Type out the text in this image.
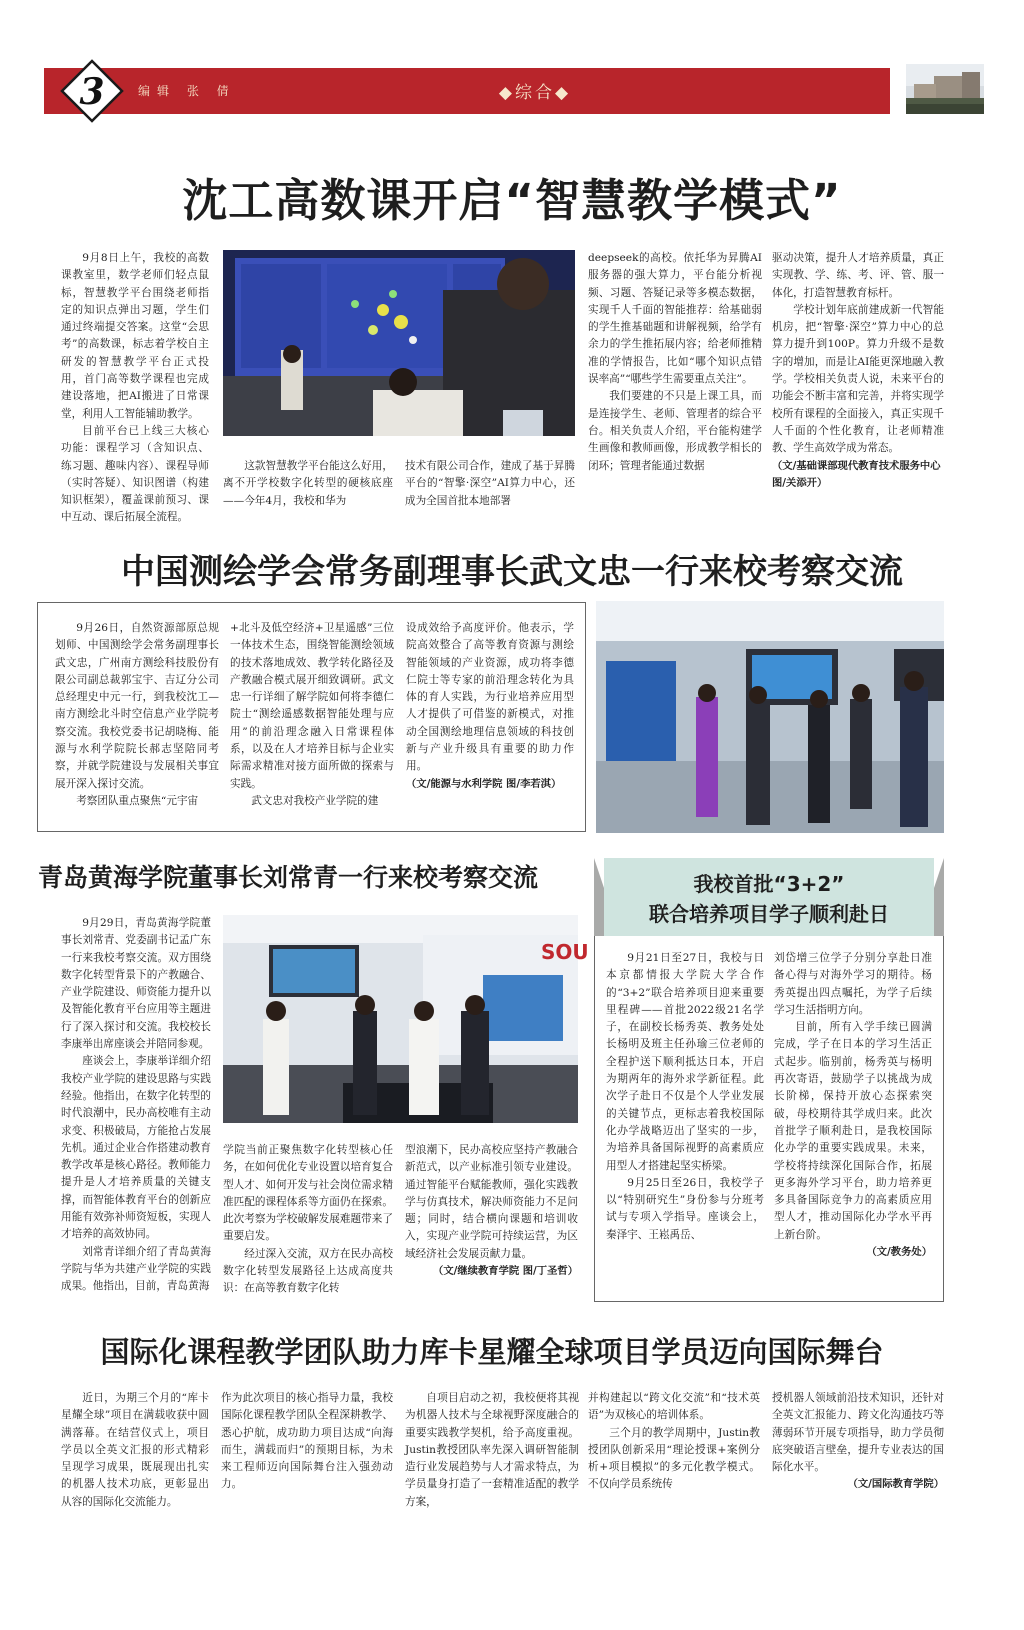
3	编辑 张 倩	◆综合◆
沈工高数课开启“智慧教学模式”

9月8日上午，我校的高数课教室里，数学老师们轻点鼠标，智慧教学平台围绕老师指定的知识点弹出习题，学生们通过终端提交答案。这堂“会思考”的高数课，标志着学校自主研发的智慧教学平台正式投用，首门高等数学课程也完成建设落地，把AI搬进了日常课堂，利用人工智能辅助教学。

目前平台已上线三大核心功能：课程学习（含知识点、练习题、趣味内容）、课程导师（实时答疑）、知识图谱（构建知识框架），覆盖课前预习、课中互动、课后拓展全流程。

这款智慧教学平台能这么好用，离不开学校数字化转型的硬核底座——今年4月，我校和华为

技术有限公司合作，建成了基于昇腾平台的“智擎·深空”AI算力中心，还成为全国首批本地部署

deepseek的高校。依托华为昇腾AI服务器的强大算力，平台能分析视频、习题、答疑记录等多模态数据，实现千人千面的智能推荐：给基础弱的学生推基础题和讲解视频，给学有余力的学生推拓展内容；给老师推精准的学情报告，比如“哪个知识点错误率高”“哪些学生需要重点关注”。

我们要建的不只是上课工具，而是连接学生、老师、管理者的综合平台。相关负责人介绍，平台能构建学生画像和教师画像，形成教学相长的闭环；管理者能通过数据

驱动决策，提升人才培养质量，真正实现教、学、练、考、评、管、服一体化，打造智慧教育标杆。

学校计划年底前建成新一代智能机房，把“智擎·深空”算力中心的总算力提升到100P。算力升级不是数字的增加，而是让AI能更深地融入教学。学校相关负责人说，未来平台的功能会不断丰富和完善，并将实现学校所有课程的全面接入，真正实现千人千面的个性化教育，让老师精准教、学生高效学成为常态。

（文/基础课部现代教育技术服务中心图/关添开）
中国测绘学会常务副理事长武文忠一行来校考察交流

9月26日，自然资源部原总规划师、中国测绘学会常务副理事长武文忠，广州南方测绘科技股份有限公司副总裁郭宝宇、吉辽分公司总经理史中元一行，到我校沈工—南方测绘北斗时空信息产业学院考察交流。我校党委书记胡晓梅、能源与水利学院院长郝志坚陪同考察，并就学院建设与发展相关事宜展开深入探讨交流。

考察团队重点聚焦“元宇宙

+北斗及低空经济+卫星遥感”三位一体技术生态，围绕智能测绘领域的技术落地成效、教学转化路径及产教融合模式展开细致调研。武文忠一行详细了解学院如何将李德仁院士“测绘遥感数据智能处理与应用”的前沿理念融入日常课程体系，以及在人才培养目标与企业实际需求精准对接方面所做的探索与实践。

武文忠对我校产业学院的建

设成效给予高度评价。他表示，学院高效整合了高等教育资源与测绘智能领域的产业资源，成功将李德仁院士等专家的前沿理念转化为具体的育人实践，为行业培养应用型人才提供了可借鉴的新模式，对推动全国测绘地理信息领域的科技创新与产业升级具有重要的助力作用。

（文/能源与水利学院 图/李若淇）
青岛黄海学院董事长刘常青一行来校考察交流
SOU

9月29日，青岛黄海学院董事长刘常青、党委副书记孟广东一行来我校考察交流。双方围绕数字化转型背景下的产教融合、产业学院建设、师资能力提升以及智能化教育平台应用等主题进行了深入探讨和交流。我校校长李康举出席座谈会并陪同参观。

座谈会上，李康举详细介绍我校产业学院的建设思路与实践经验。他指出，在数字化转型的时代浪潮中，民办高校唯有主动求变、积极破局，方能抢占发展先机。通过企业合作搭建动教育教学改革是核心路径。教师能力提升是人才培养质量的关键支撑，而智能体教育平台的创新应用能有效弥补师资短板，实现人才培养的高效协同。

刘常青详细介绍了青岛黄海学院与华为共建产业学院的实践成果。他指出，目前，青岛黄海

学院当前正聚焦数字化转型核心任务，在如何优化专业设置以培育复合型人才、如何开发与社会岗位需求精准匹配的课程体系等方面仍在探索。此次考察为学校破解发展难题带来了重要启发。

经过深入交流，双方在民办高校数字化转型发展路径上达成高度共识：在高等教育数字化转

型浪潮下，民办高校应坚持产教融合新范式，以产业标准引领专业建设。通过智能平台赋能教师，强化实践教学与仿真技术，解决师资能力不足问题；同时，结合横向课题和培训收入，实现产业学院可持续运营，为区域经济社会发展贡献力量。

（文/继续教育学院 图/丁圣哲）
我校首批“3+2”
联合培养项目学子顺利赴日

9月21日至27日，我校与日本京都情报大学院大学合作的“3+2”联合培养项目迎来重要里程碑——首批2022级21名学子，在副校长杨秀英、教务处处长杨明及班主任孙瑜三位老师的全程护送下顺利抵达日本，开启为期两年的海外求学新征程。此次学子赴日不仅是个人学业发展的关键节点，更标志着我校国际化办学战略迈出了坚实的一步，为培养具备国际视野的高素质应用型人才搭建起坚实桥梁。

9月25日至26日，我校学子以“特别研究生”身份参与分班考试与专项入学指导。座谈会上，秦泽宇、王崧禹岳、

刘岱增三位学子分别分享赴日准备心得与对海外学习的期待。杨秀英提出四点嘱托，为学子后续学习生活指明方向。

目前，所有入学手续已圆满完成，学子在日本的学习生活正式起步。临别前，杨秀英与杨明再次寄语，鼓励学子以挑战为成长阶梯，保持开放心态探索突破，母校期待其学成归来。此次首批学子顺利赴日，是我校国际化办学的重要实践成果。未来，学校将持续深化国际合作，拓展更多海外学习平台，助力培养更多具备国际竞争力的高素质应用型人才，推动国际化办学水平再上新台阶。

（文/教务处）
国际化课程教学团队助力库卡星耀全球项目学员迈向国际舞台

近日，为期三个月的“库卡星耀全球”项目在满载收获中圆满落幕。在结营仪式上，项目学员以全英文汇报的形式精彩呈现学习成果，既展现出扎实的机器人技术功底，更彰显出从容的国际化交流能力。

作为此次项目的核心指导力量，我校国际化课程教学团队全程深耕教学、悉心护航，成功助力项目达成“向海而生，满载而归”的预期目标，为未来工程师迈向国际舞台注入强劲动力。

自项目启动之初，我校便将其视为机器人技术与全球视野深度融合的重要实践教学契机，给予高度重视。Justin教授团队率先深入调研智能制造行业发展趋势与人才需求特点，为学员量身打造了一套精准适配的教学方案，

并构建起以“跨文化交流”和“技术英语”为双核心的培训体系。

三个月的教学周期中，Justin教授团队创新采用“理论授课+案例分析+项目模拟”的多元化教学模式。不仅向学员系统传

授机器人领域前沿技术知识，还针对全英文汇报能力、跨文化沟通技巧等薄弱环节开展专项指导，助力学员彻底突破语言壁垒，提升专业表达的国际化水平。

（文/国际教育学院）
